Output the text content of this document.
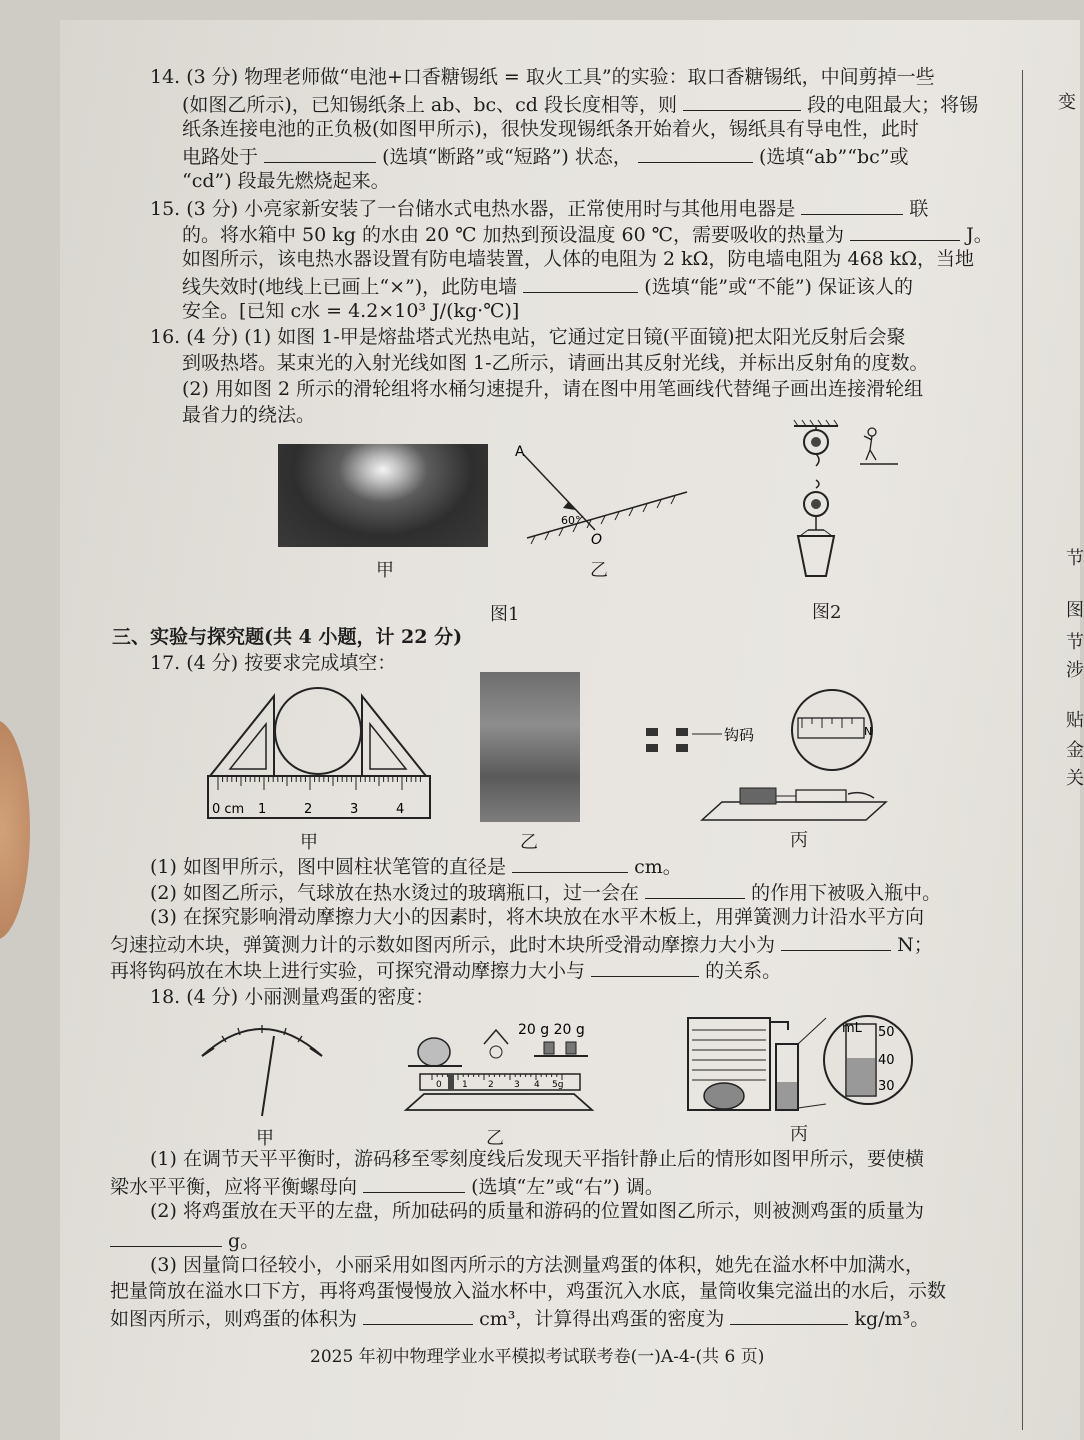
14. (3 分) 物理老师做“电池+口香糖锡纸 = 取火工具”的实验：取口香糖锡纸，中间剪掉一些
(如图乙所示)，已知锡纸条上 ab、bc、cd 段长度相等，则	段的电阻最大；将锡
纸条连接电池的正负极(如图甲所示)，很快发现锡纸条开始着火，锡纸具有导电性，此时
电路处于	(选填“断路”或“短路”) 状态，	(选填“ab”“bc”或
“cd”) 段最先燃烧起来。
15. (3 分) 小亮家新安装了一台储水式电热水器，正常使用时与其他用电器是	联
的。将水箱中 50 kg 的水由 20 ℃ 加热到预设温度 60 ℃，需要吸收的热量为	J。
如图所示，该电热水器设置有防电墙装置，人体的电阻为 2 kΩ，防电墙电阻为 468 kΩ，当地
线失效时(地线上已画上“×”)，此防电墙	(选填“能”或“不能”) 保证该人的
安全。[已知 c水 = 4.2×10³ J/(kg·℃)]
16. (4 分) (1) 如图 1-甲是熔盐塔式光热电站，它通过定日镜(平面镜)把太阳光反射后会聚
到吸热塔。某束光的入射光线如图 1-乙所示，请画出其反射光线，并标出反射角的度数。
(2) 用如图 2 所示的滑轮组将水桶匀速提升，请在图中用笔画线代替绳子画出连接滑轮组
最省力的绕法。
甲
A
60°
O
乙
图1	图2
三、实验与探究题(共 4 小题，计 22 分)
17. (4 分) 按要求完成填空：
0 cm 1	2	3	4
甲	乙
钩码	N
丙
(1) 如图甲所示，图中圆柱状笔管的直径是	cm。
(2) 如图乙所示，气球放在热水烫过的玻璃瓶口，过一会在	的作用下被吸入瓶中。
(3) 在探究影响滑动摩擦力大小的因素时，将木块放在水平木板上，用弹簧测力计沿水平方向
匀速拉动木块，弹簧测力计的示数如图丙所示，此时木块所受滑动摩擦力大小为	N；
再将钩码放在木块上进行实验，可探究滑动摩擦力大小与	的关系。
18. (4 分) 小丽测量鸡蛋的密度：
甲
20 g 20 g
0 1 2 3 4 5g
乙
mL 50
40
30
丙
(1) 在调节天平平衡时，游码移至零刻度线后发现天平指针静止后的情形如图甲所示，要使横
梁水平平衡，应将平衡螺母向	(选填“左”或“右”) 调。
(2) 将鸡蛋放在天平的左盘，所加砝码的质量和游码的位置如图乙所示，则被测鸡蛋的质量为
g。
(3) 因量筒口径较小，小丽采用如图丙所示的方法测量鸡蛋的体积，她先在溢水杯中加满水，
把量筒放在溢水口下方，再将鸡蛋慢慢放入溢水杯中，鸡蛋沉入水底，量筒收集完溢出的水后，示数
如图丙所示，则鸡蛋的体积为	cm³，计算得出鸡蛋的密度为	kg/m³。
2025 年初中物理学业水平模拟考试联考卷(一)A-4-(共 6 页)
变
节
图
节
涉
贴
金
关
